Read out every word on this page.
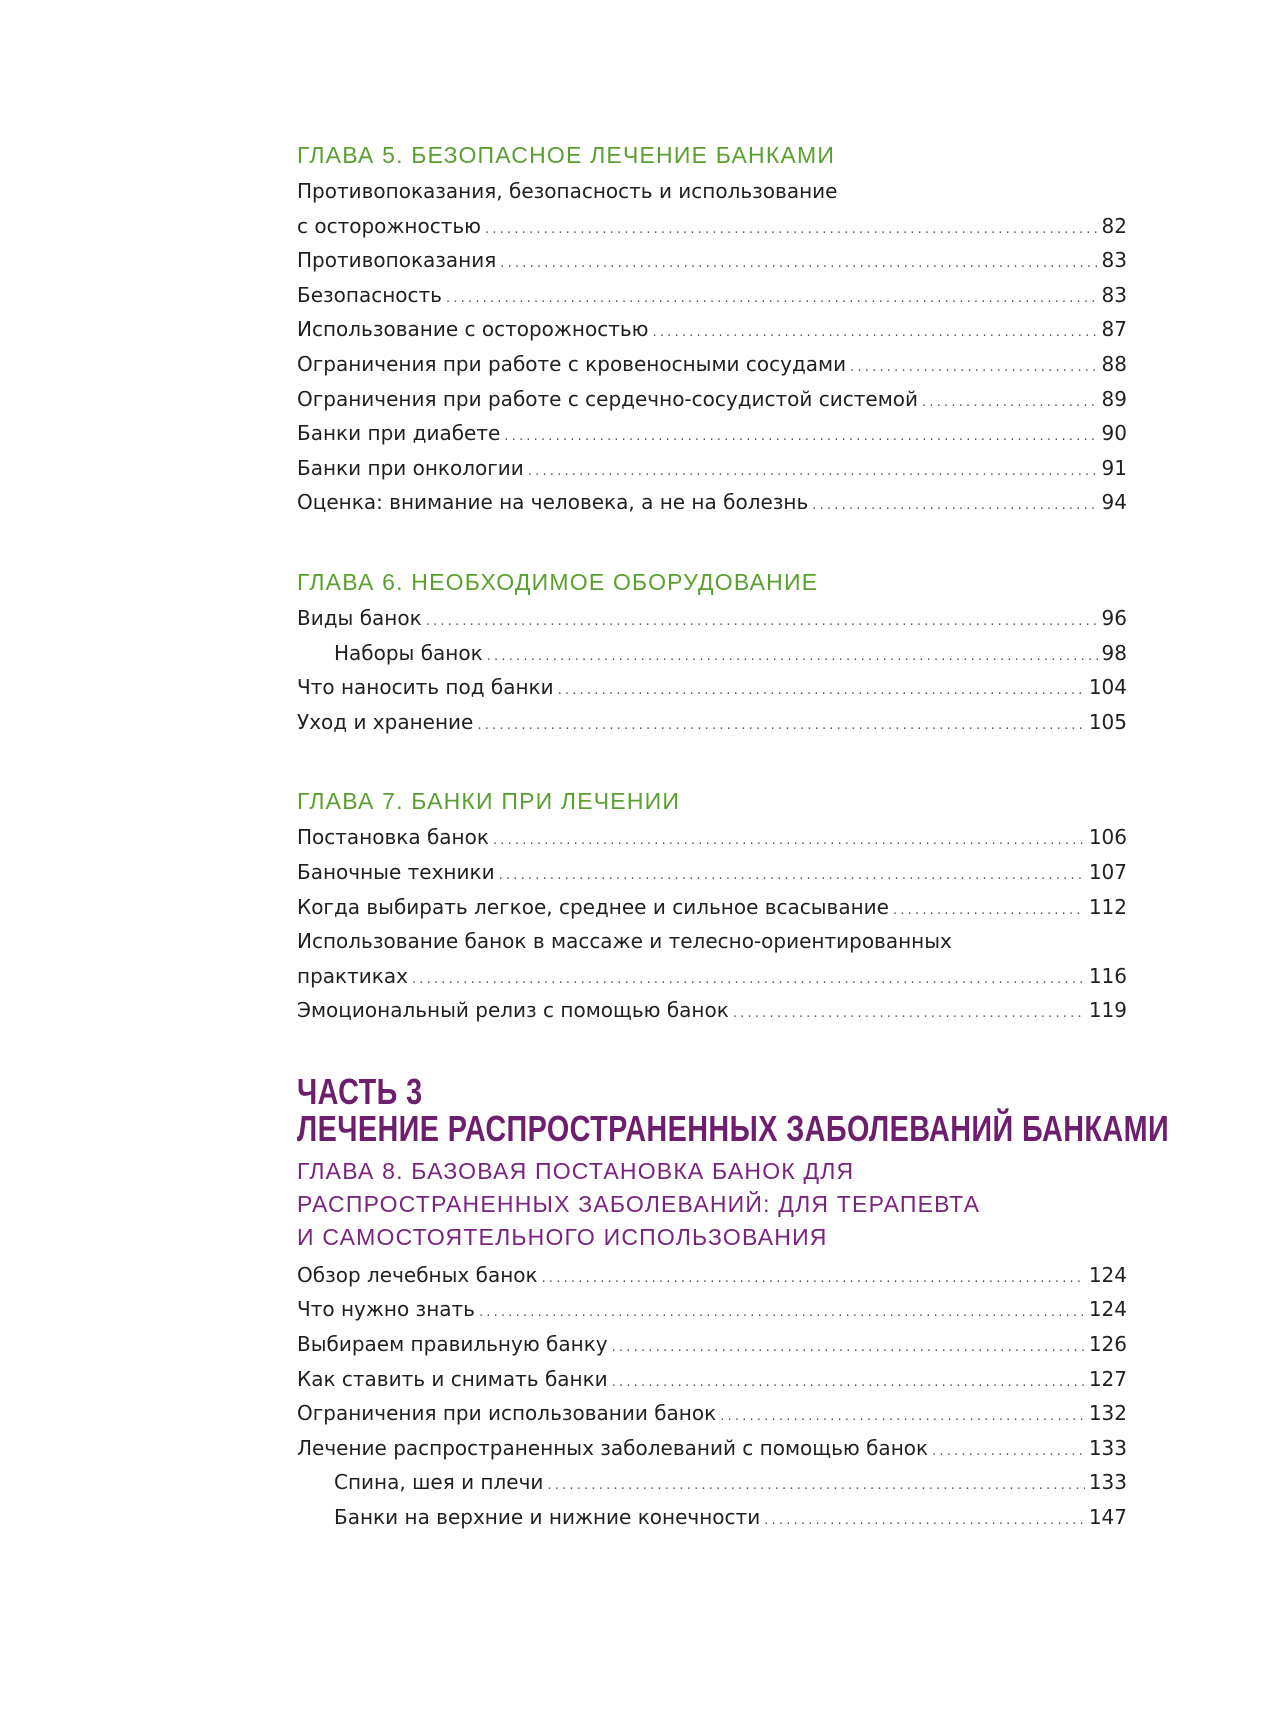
ГЛАВА 5. БЕЗОПАСНОЕ ЛЕЧЕНИЕ БАНКАМИ
Противопоказания, безопасность и использование
с осторожностью .....	82
Противопоказания .....	83
Безопасность .....	83
Использование с осторожностью .....	87
Ограничения при работе с кровеносными сосудами .....	88
Ограничения при работе с сердечно-сосудистой системой .....	89
Банки при диабете .....	90
Банки при онкологии .....	91
Оценка: внимание на человека, а не на болезнь .....	94
ГЛАВА 6. НЕОБХОДИМОЕ ОБОРУДОВАНИЕ
Виды банок .....	96
Наборы банок .....	98
Что наносить под банки .....	104
Уход и хранение .....	105
ГЛАВА 7. БАНКИ ПРИ ЛЕЧЕНИИ
Постановка банок .....	106
Баночные техники .....	107
Когда выбирать легкое, среднее и сильное всасывание .....	112
Использование банок в массаже и телесно-ориентированных
практиках .....	116
Эмоциональный релиз с помощью банок .....	119
ЧАСТЬ 3
ЛЕЧЕНИЕ РАСПРОСТРАНЕННЫХ ЗАБОЛЕВАНИЙ БАНКАМИ
ГЛАВА 8. БАЗОВАЯ ПОСТАНОВКА БАНОК ДЛЯ
РАСПРОСТРАНЕННЫХ ЗАБОЛЕВАНИЙ: ДЛЯ ТЕРАПЕВТА
И САМОСТОЯТЕЛЬНОГО ИСПОЛЬЗОВАНИЯ
Обзор лечебных банок .....	124
Что нужно знать .....	124
Выбираем правильную банку .....	126
Как ставить и снимать банки .....	127
Ограничения при использовании банок .....	132
Лечение распространенных заболеваний с помощью банок .....	133
Спина, шея и плечи .....	133
Банки на верхние и нижние конечности .....	147
